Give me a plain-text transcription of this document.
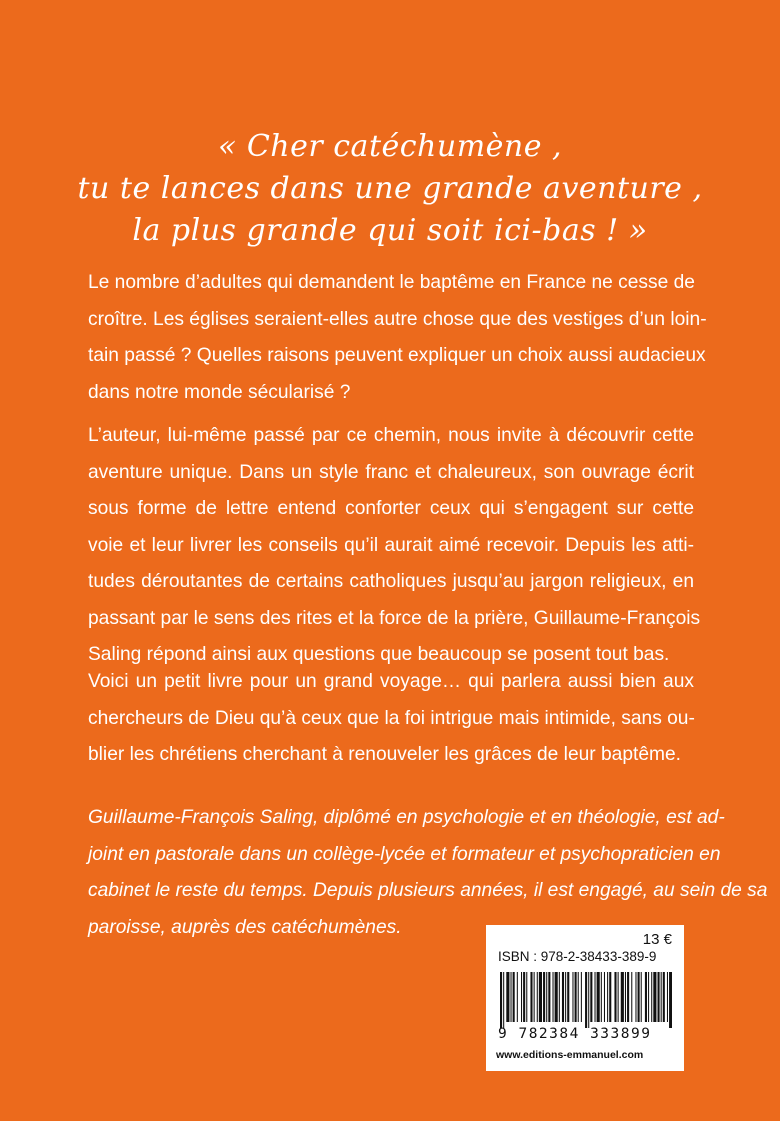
« Cher catéchumène ,
tu te lances dans une grande aventure ,
la plus grande qui soit ici-bas ! »

Le nombre d’adultes qui demandent le baptême en France ne cesse de
croître. Les églises seraient-elles autre chose que des vestiges d’un loin-
tain passé ? Quelles raisons peuvent expliquer un choix aussi audacieux
dans notre monde sécularisé ?

L’auteur, lui-même passé par ce chemin, nous invite à découvrir cette
aventure unique. Dans un style franc et chaleureux, son ouvrage écrit
sous forme de lettre entend conforter ceux qui s’engagent sur cette
voie et leur livrer les conseils qu’il aurait aimé recevoir. Depuis les atti-
tudes déroutantes de certains catholiques jusqu’au jargon religieux, en
passant par le sens des rites et la force de la prière, Guillaume-François
Saling répond ainsi aux questions que beaucoup se posent tout bas.

Voici un petit livre pour un grand voyage… qui parlera aussi bien aux
chercheurs de Dieu qu’à ceux que la foi intrigue mais intimide, sans ou-
blier les chrétiens cherchant à renouveler les grâces de leur baptême.

Guillaume-François Saling, diplômé en psychologie et en théologie, est ad-
joint en pastorale dans un collège-lycée et formateur et psychopraticien en
cabinet le reste du temps. Depuis plusieurs années, il est engagé, au sein de sa
paroisse, auprès des catéchumènes.

13 €
ISBN : 978-2-38433-389-9
9 782384 333899
www.editions-emmanuel.com
